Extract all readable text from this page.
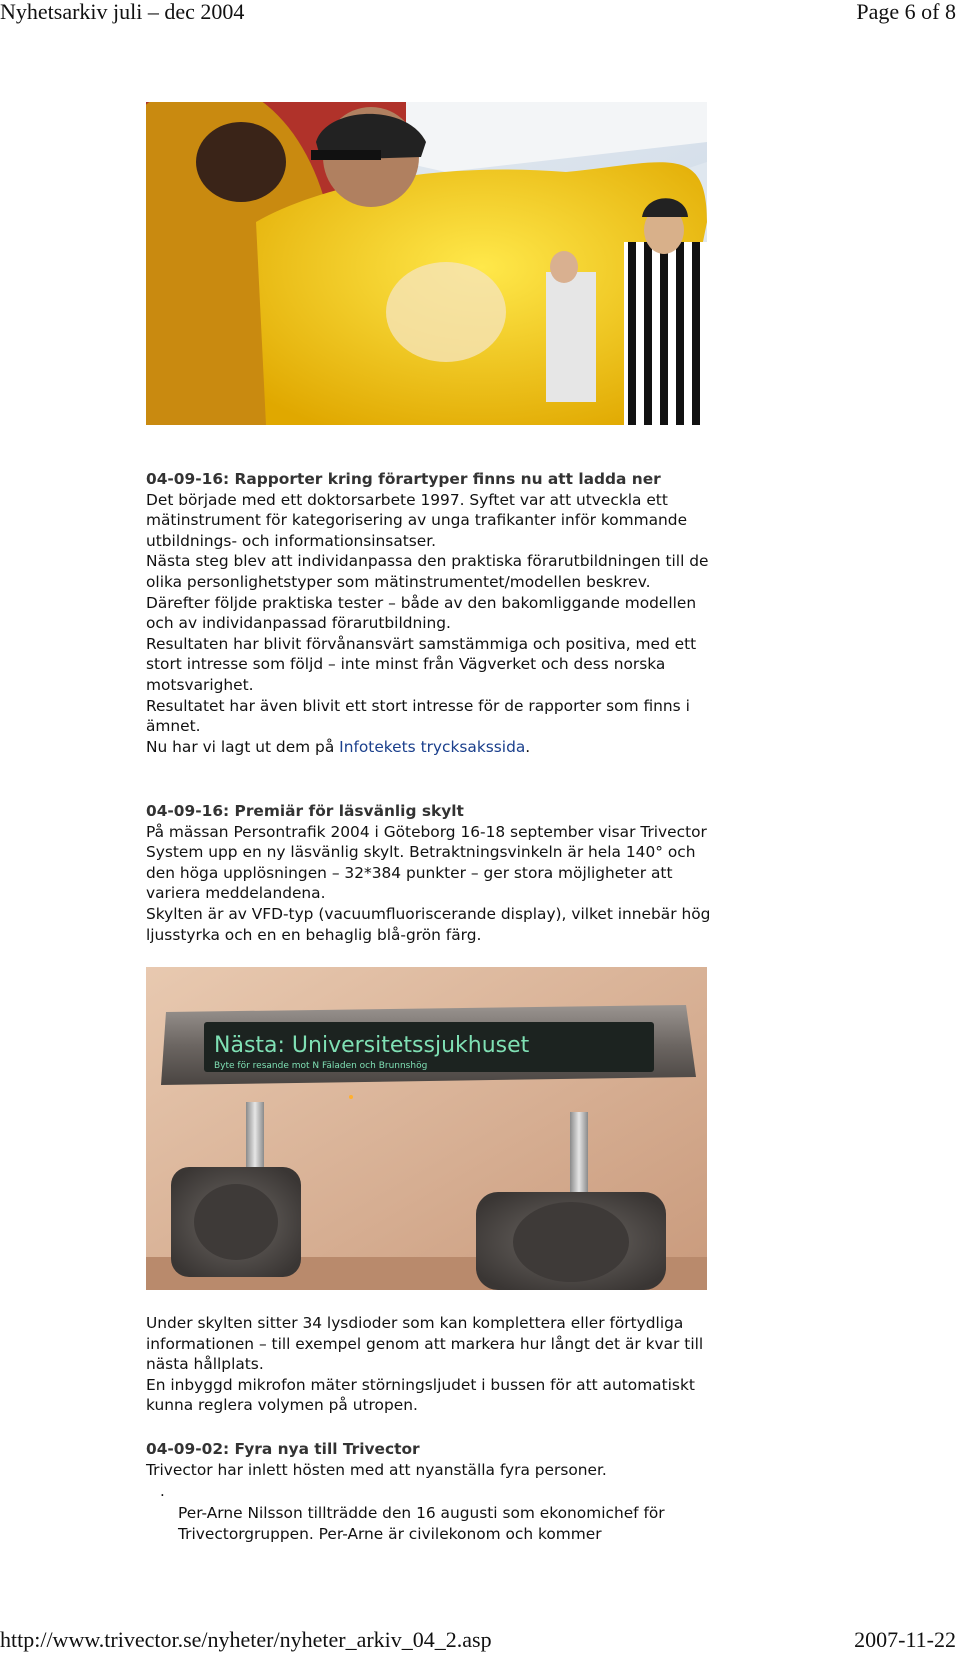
Nyhetsarkiv juli – dec 2004	Page 6 of 8

04-09-16: Rapporter kring förartyper finns nu att ladda ner

Det började med ett doktorsarbete 1997. Syftet var att utveckla ett mätinstrument för kategorisering av unga trafikanter inför kommande utbildnings- och informationsinsatser.

Nästa steg blev att individanpassa den praktiska förarutbildningen till de olika personlighetstyper som mätinstrumentet/modellen beskrev.

Därefter följde praktiska tester – både av den bakomliggande modellen och av individanpassad förarutbildning.

Resultaten har blivit förvånansvärt samstämmiga och positiva, med ett stort intresse som följd – inte minst från Vägverket och dess norska motsvarighet.

Resultatet har även blivit ett stort intresse för de rapporter som finns i ämnet.

Nu har vi lagt ut dem på Infotekets trycksakssida.

04-09-16: Premiär för läsvänlig skylt

På mässan Persontrafik 2004 i Göteborg 16-18 september visar Trivector System upp en ny läsvänlig skylt. Betraktningsvinkeln är hela 140° och den höga upplösningen – 32*384 punkter – ger stora möjligheter att variera meddelandena.

Skylten är av VFD-typ (vacuumfluoriscerande display), vilket innebär hög ljusstyrka och en en behaglig blå-grön färg.

Nästa: Universitetssjukhuset
Byte för resande mot N Fäladen och Brunnshög

Under skylten sitter 34 lysdioder som kan komplettera eller förtydliga informationen – till exempel genom att markera hur långt det är kvar till nästa hållplats.

En inbyggd mikrofon mäter störningsljudet i bussen för att automatiskt kunna reglera volymen på utropen.

04-09-02: Fyra nya till Trivector

Trivector har inlett hösten med att nyanställa fyra personer.

.
Per-Arne Nilsson tillträdde den 16 augusti som ekonomichef för Trivectorgruppen. Per-Arne är civilekonom och kommer
http://www.trivector.se/nyheter/nyheter_arkiv_04_2.asp	2007-11-22
